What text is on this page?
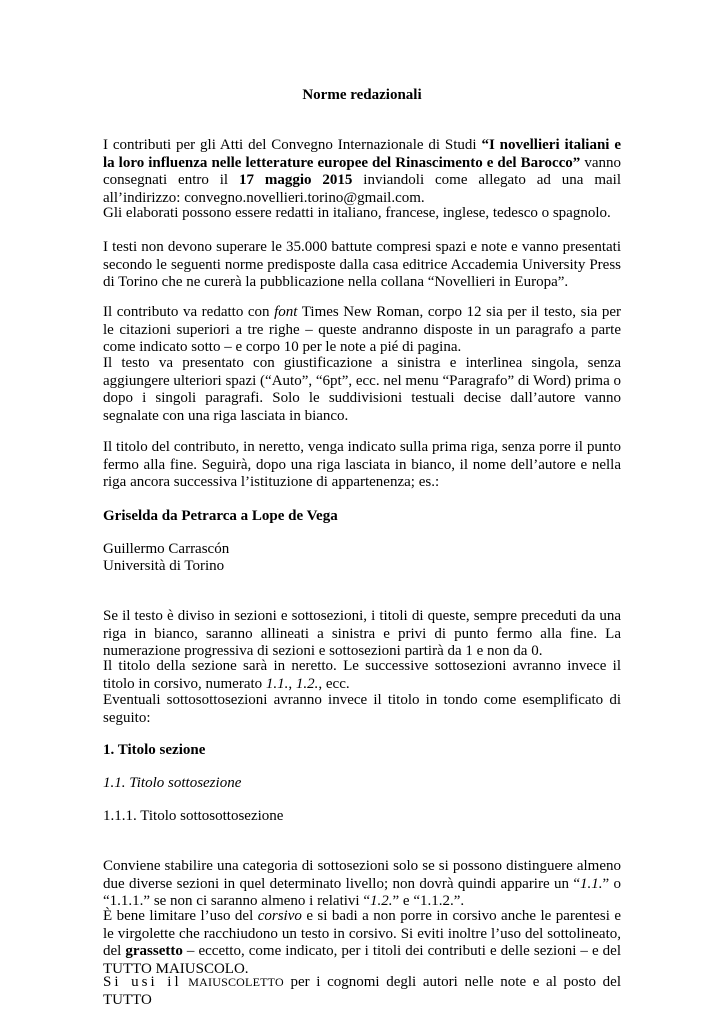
Norme redazionali

I contributi per gli Atti del Convegno Internazionale di Studi “I novellieri italiani e la loro influenza nelle letterature europee del Rinascimento e del Barocco” vanno consegnati entro il 17 maggio 2015 inviandoli come allegato ad una mail all’indirizzo: convegno.novellieri.torino@gmail.com.

Gli elaborati possono essere redatti in italiano, francese, inglese, tedesco o spagnolo.

I testi non devono superare le 35.000 battute compresi spazi e note e vanno presentati secondo le seguenti norme predisposte dalla casa editrice Accademia University Press di Torino che ne curerà la pubblicazione nella collana “Novellieri in Europa”.

Il contributo va redatto con font Times New Roman, corpo 12 sia per il testo, sia per le citazioni superiori a tre righe – queste andranno disposte in un paragrafo a parte come indicato sotto – e corpo 10 per le note a pié di pagina.

Il testo va presentato con giustificazione a sinistra e interlinea singola, senza aggiungere ulteriori spazi (“Auto”, “6pt”, ecc. nel menu “Paragrafo” di Word) prima o dopo i singoli paragrafi. Solo le suddivisioni testuali decise dall’autore vanno segnalate con una riga lasciata in bianco.

Il titolo del contributo, in neretto, venga indicato sulla prima riga, senza porre il punto fermo alla fine. Seguirà, dopo una riga lasciata in bianco, il nome dell’autore e nella riga ancora successiva l’istituzione di appartenenza; es.:

Griselda da Petrarca a Lope de Vega
Guillermo Carrascón
Università di Torino

Se il testo è diviso in sezioni e sottosezioni, i titoli di queste, sempre preceduti da una riga in bianco, saranno allineati a sinistra e privi di punto fermo alla fine. La numerazione progressiva di sezioni e sottosezioni partirà da 1 e non da 0.

Il titolo della sezione sarà in neretto. Le successive sottosezioni avranno invece il titolo in corsivo, numerato 1.1., 1.2., ecc.

Eventuali sottosottosezioni avranno invece il titolo in tondo come esemplificato di seguito:

1. Titolo sezione
1.1. Titolo sottosezione
1.1.1. Titolo sottosottosezione

Conviene stabilire una categoria di sottosezioni solo se si possono distinguere almeno due diverse sezioni in quel determinato livello; non dovrà quindi apparire un “1.1.” o “1.1.1.” se non ci saranno almeno i relativi “1.2.” e “1.1.2.”.

È bene limitare l’uso del corsivo e si badi a non porre in corsivo anche le parentesi e le virgolette che racchiudono un testo in corsivo. Si eviti inoltre l’uso del sottolineato, del grassetto – eccetto, come indicato, per i titoli dei contributi e delle sezioni – e del TUTTO MAIUSCOLO.

Si usi il MAIUSCOLETTO per i cognomi degli autori nelle note e al posto del TUTTO
